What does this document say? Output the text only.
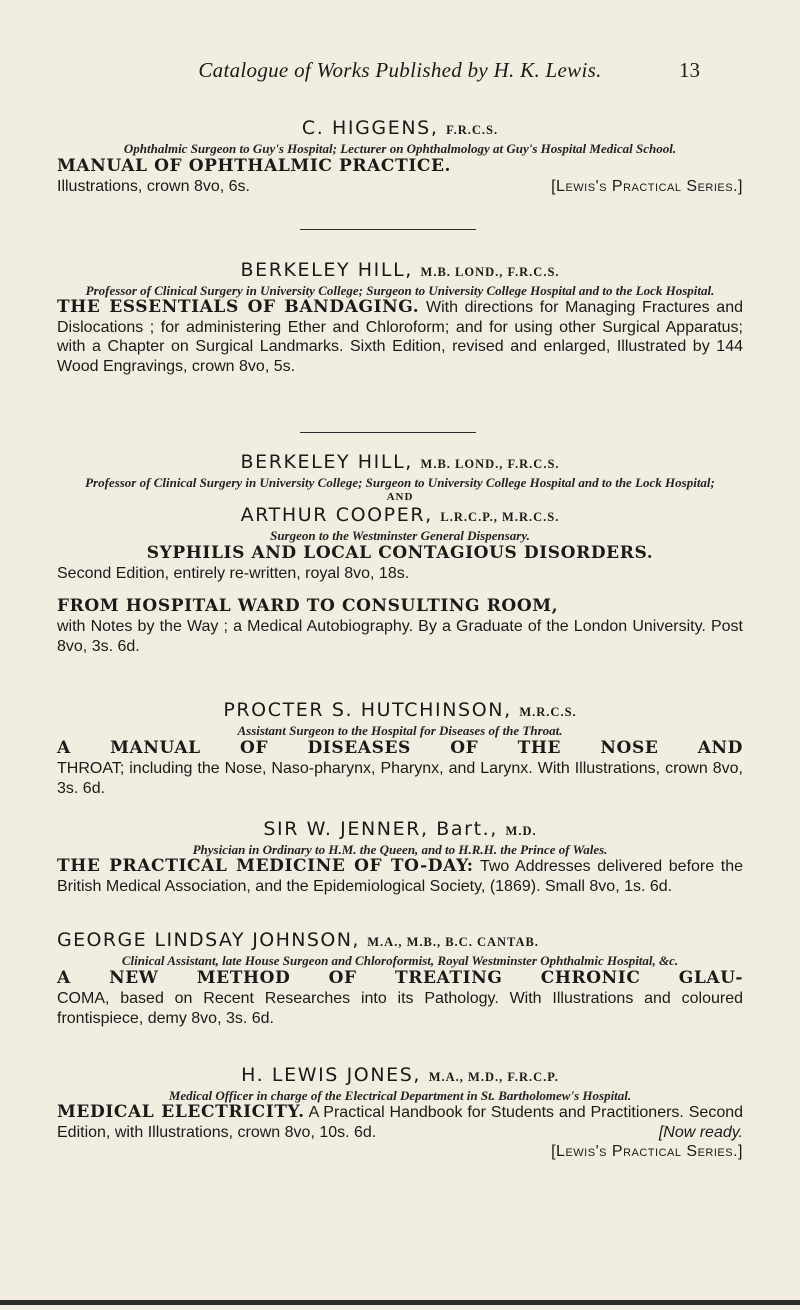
Catalogue of Works Published by H. K. Lewis.	13
C. HIGGENS, F.R.C.S.
Ophthalmic Surgeon to Guy's Hospital; Lecturer on Ophthalmology at Guy's Hospital Medical School.
MANUAL OF OPHTHALMIC PRACTICE.
Illustrations, crown 8vo, 6s.	[Lewis's Practical Series.]
BERKELEY HILL, M.B. LOND., F.R.C.S.
Professor of Clinical Surgery in University College; Surgeon to University College Hospital and to the Lock Hospital.
THE ESSENTIALS OF BANDAGING. With directions for Managing Fractures and Dislocations ; for administering Ether and Chloroform; and for using other Surgical Apparatus; with a Chapter on Surgical Landmarks. Sixth Edition, revised and enlarged, Illustrated by 144 Wood Engravings, crown 8vo, 5s.
BERKELEY HILL, M.B. LOND., F.R.C.S.
Professor of Clinical Surgery in University College; Surgeon to University College Hospital and to the Lock Hospital;
AND
ARTHUR COOPER, L.R.C.P., M.R.C.S.
Surgeon to the Westminster General Dispensary.
SYPHILIS AND LOCAL CONTAGIOUS DISORDERS.
Second Edition, entirely re-written, royal 8vo, 18s.
FROM HOSPITAL WARD TO CONSULTING ROOM,
with Notes by the Way ; a Medical Autobiography. By a Graduate of the London University. Post 8vo, 3s. 6d.
PROCTER S. HUTCHINSON, M.R.C.S.
Assistant Surgeon to the Hospital for Diseases of the Throat.
A MANUAL OF DISEASES OF THE NOSE AND
THROAT; including the Nose, Naso-pharynx, Pharynx, and Larynx. With Illustrations, crown 8vo, 3s. 6d.
SIR W. JENNER, Bart., M.D.
Physician in Ordinary to H.M. the Queen, and to H.R.H. the Prince of Wales.
THE PRACTICAL MEDICINE OF TO-DAY: Two Addresses delivered before the British Medical Association, and the Epidemiological Society, (1869). Small 8vo, 1s. 6d.
GEORGE LINDSAY JOHNSON, M.A., M.B., B.C. CANTAB.
Clinical Assistant, late House Surgeon and Chloroformist, Royal Westminster Ophthalmic Hospital, &c.
A NEW METHOD OF TREATING CHRONIC GLAU-
COMA, based on Recent Researches into its Pathology. With Illustrations and coloured frontispiece, demy 8vo, 3s. 6d.
H. LEWIS JONES, M.A., M.D., F.R.C.P.
Medical Officer in charge of the Electrical Department in St. Bartholomew's Hospital.
MEDICAL ELECTRICITY. A Practical Handbook for Students and Practitioners. Second Edition, with Illustrations, crown 8vo, 10s. 6d.	[Now ready.
[Lewis's Practical Series.]
